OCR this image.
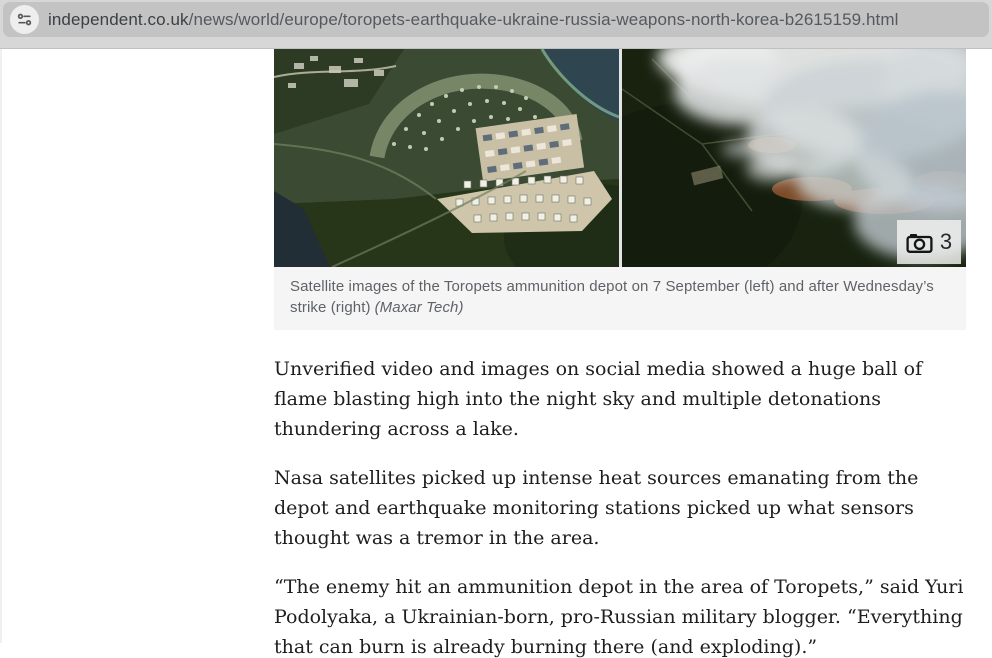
independent.co.uk/news/world/europe/toropets-earthquake-ukraine-russia-weapons-north-korea-b2615159.html
3
Satellite images of the Toropets ammunition depot on 7 September (left) and after Wednesday’s strike (right) (Maxar Tech)

Unverified video and images on social media showed a huge ball of flame blasting high into the night sky and multiple detonations thundering across a lake.

Nasa satellites picked up intense heat sources emanating from the depot and earthquake monitoring stations picked up what sensors thought was a tremor in the area.

“The enemy hit an ammunition depot in the area of Toropets,” said Yuri Podolyaka, a Ukrainian-born, pro-Russian military blogger. “Everything that can burn is already burning there (and exploding).”
